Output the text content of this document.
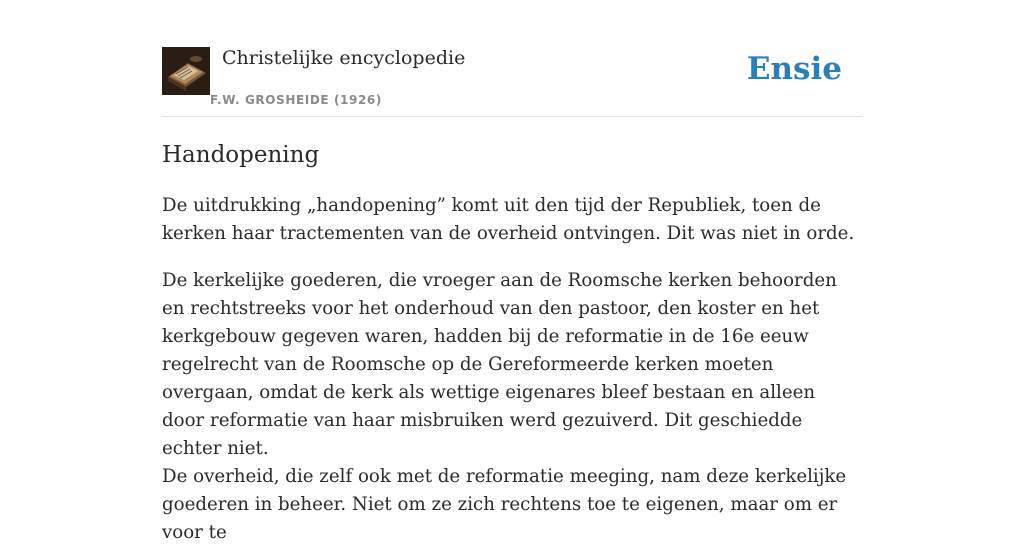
Christelijke encyclopedie
F.W. GROSHEIDE (1926)
Ensie
Handopening

De uitdrukking „handopening” komt uit den tijd der Republiek, toen de kerken haar tractementen van de overheid ontvingen. Dit was niet in orde.

De kerkelijke goederen, die vroeger aan de Roomsche kerken behoorden en rechtstreeks voor het onderhoud van den pastoor, den koster en het kerkgebouw gegeven waren, hadden bij de reformatie in de 16e eeuw regelrecht van de Roomsche op de Gereformeerde kerken moeten overgaan, omdat de kerk als wettige eigenares bleef bestaan en alleen door reformatie van haar misbruiken werd gezuiverd. Dit geschiedde echter niet.

De overheid, die zelf ook met de reformatie meeging, nam deze kerkelijke goederen in beheer. Niet om ze zich rechtens toe te eigenen, maar om er voor te
